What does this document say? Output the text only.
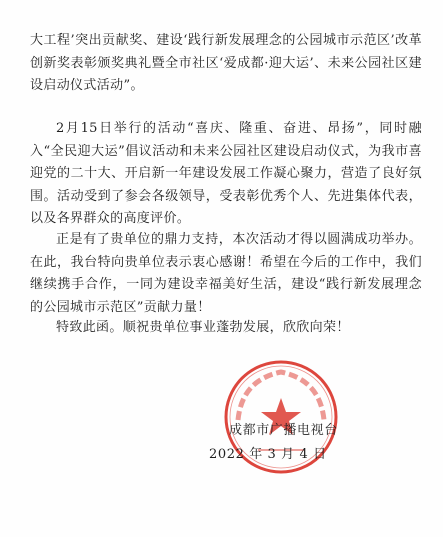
大工程’突出贡献奖、建设‘践行新发展理念的公园城市示范区’改革创新奖表彰颁奖典礼暨全市社区‘爱成都·迎大运’、未来公园社区建设启动仪式活动”。

2月15日举行的活动“喜庆、隆重、奋进、昂扬”，同时融入“全民迎大运”倡议活动和未来公园社区建设启动仪式，为我市喜迎党的二十大、开启新一年建设发展工作凝心聚力，营造了良好氛围。活动受到了参会各级领导，受表彰优秀个人、先进集体代表，以及各界群众的高度评价。

正是有了贵单位的鼎力支持，本次活动才得以圆满成功举办。在此，我台特向贵单位表示衷心感谢！希望在今后的工作中，我们继续携手合作，一同为建设幸福美好生活，建设“践行新发展理念的公园城市示范区”贡献力量！

特致此函。顺祝贵单位事业蓬勃发展，欣欣向荣！

成都市广播电视台
2022 年 3 月 4 日
